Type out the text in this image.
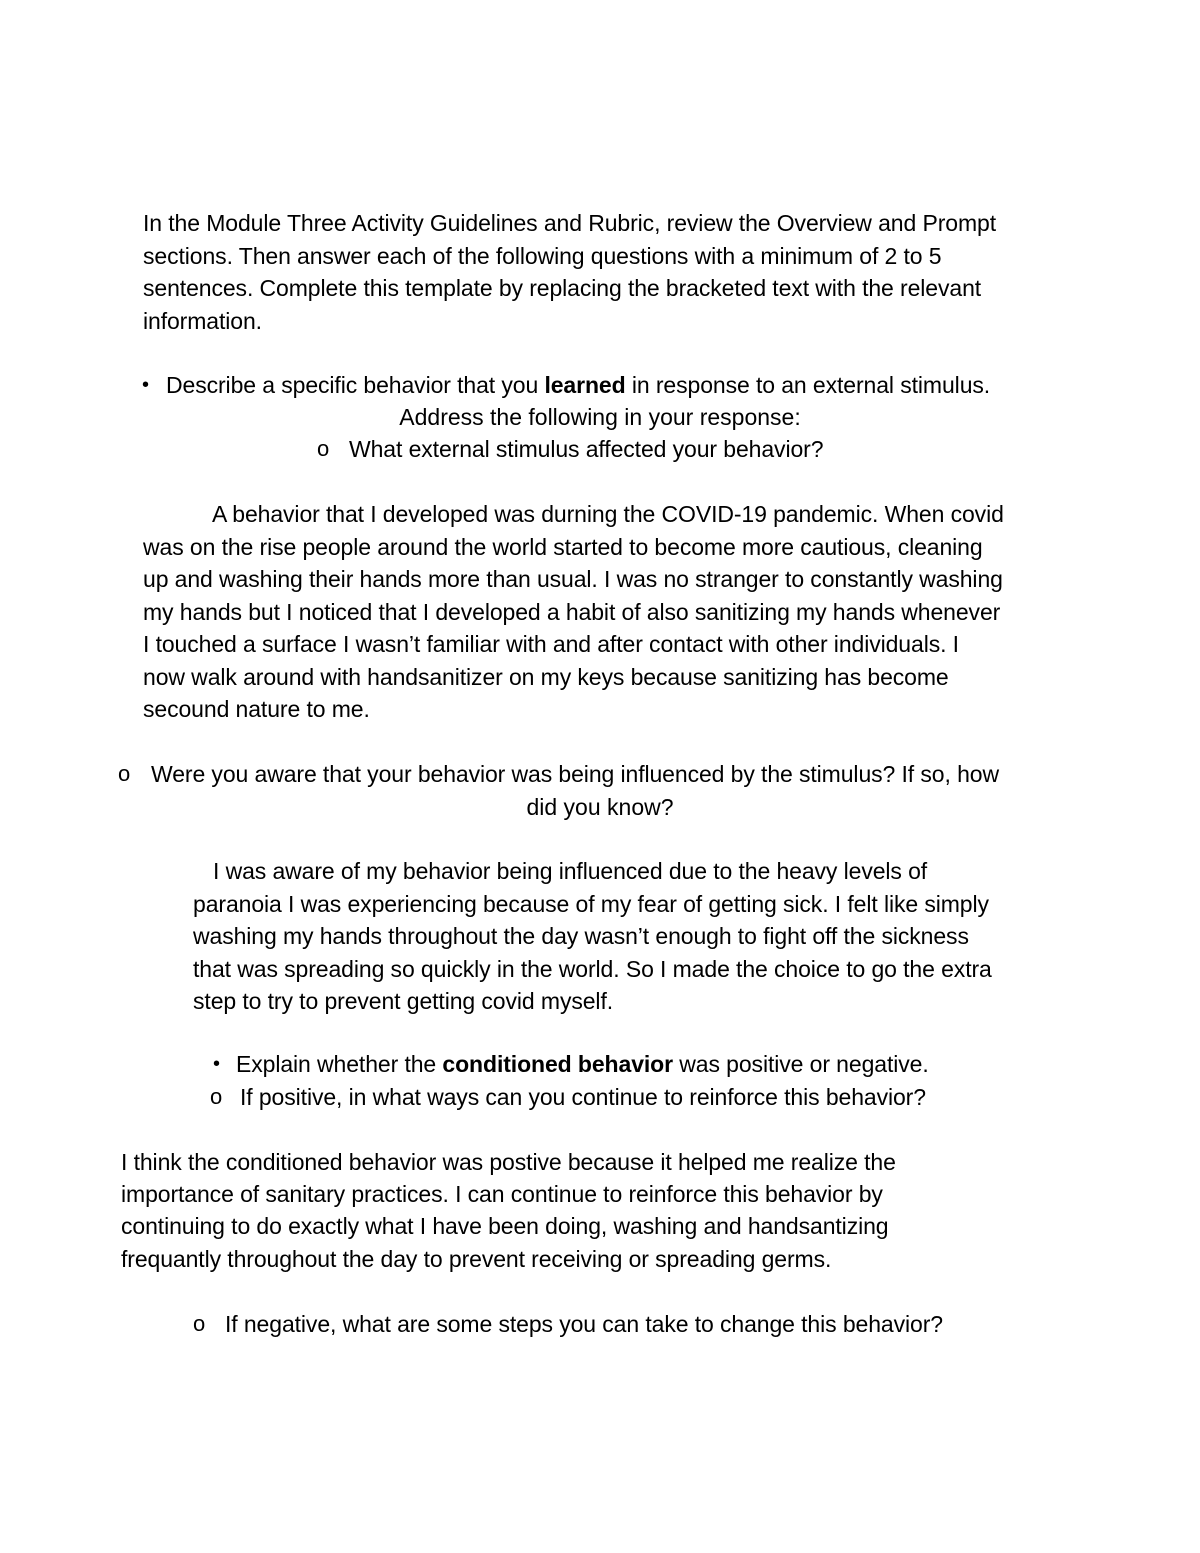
In the Module Three Activity Guidelines and Rubric, review the Overview and Prompt
sections. Then answer each of the following questions with a minimum of 2 to 5
sentences. Complete this template by replacing the bracketed text with the relevant
information.
• Describe a specific behavior that you learned in response to an external stimulus.
Address the following in your response:
o What external stimulus affected your behavior?
A behavior that I developed was durning the COVID-19 pandemic. When covid
was on the rise people around the world started to become more cautious, cleaning
up and washing their hands more than usual. I was no stranger to constantly washing
my hands but I noticed that I developed a habit of also sanitizing my hands whenever
I touched a surface I wasn’t familiar with and after contact with other individuals. I
now walk around with handsanitizer on my keys because sanitizing has become
secound nature to me.
o Were you aware that your behavior was being influenced by the stimulus? If so, how
did you know?
I was aware of my behavior being influenced due to the heavy levels of
paranoia I was experiencing because of my fear of getting sick. I felt like simply
washing my hands throughout the day wasn’t enough to fight off the sickness
that was spreading so quickly in the world. So I made the choice to go the extra
step to try to prevent getting covid myself.
• Explain whether the conditioned behavior was positive or negative.
o If positive, in what ways can you continue to reinforce this behavior?
I think the conditioned behavior was postive because it helped me realize the
importance of sanitary practices. I can continue to reinforce this behavior by
continuing to do exactly what I have been doing, washing and handsantizing
frequantly throughout the day to prevent receiving or spreading germs.
o If negative, what are some steps you can take to change this behavior?
